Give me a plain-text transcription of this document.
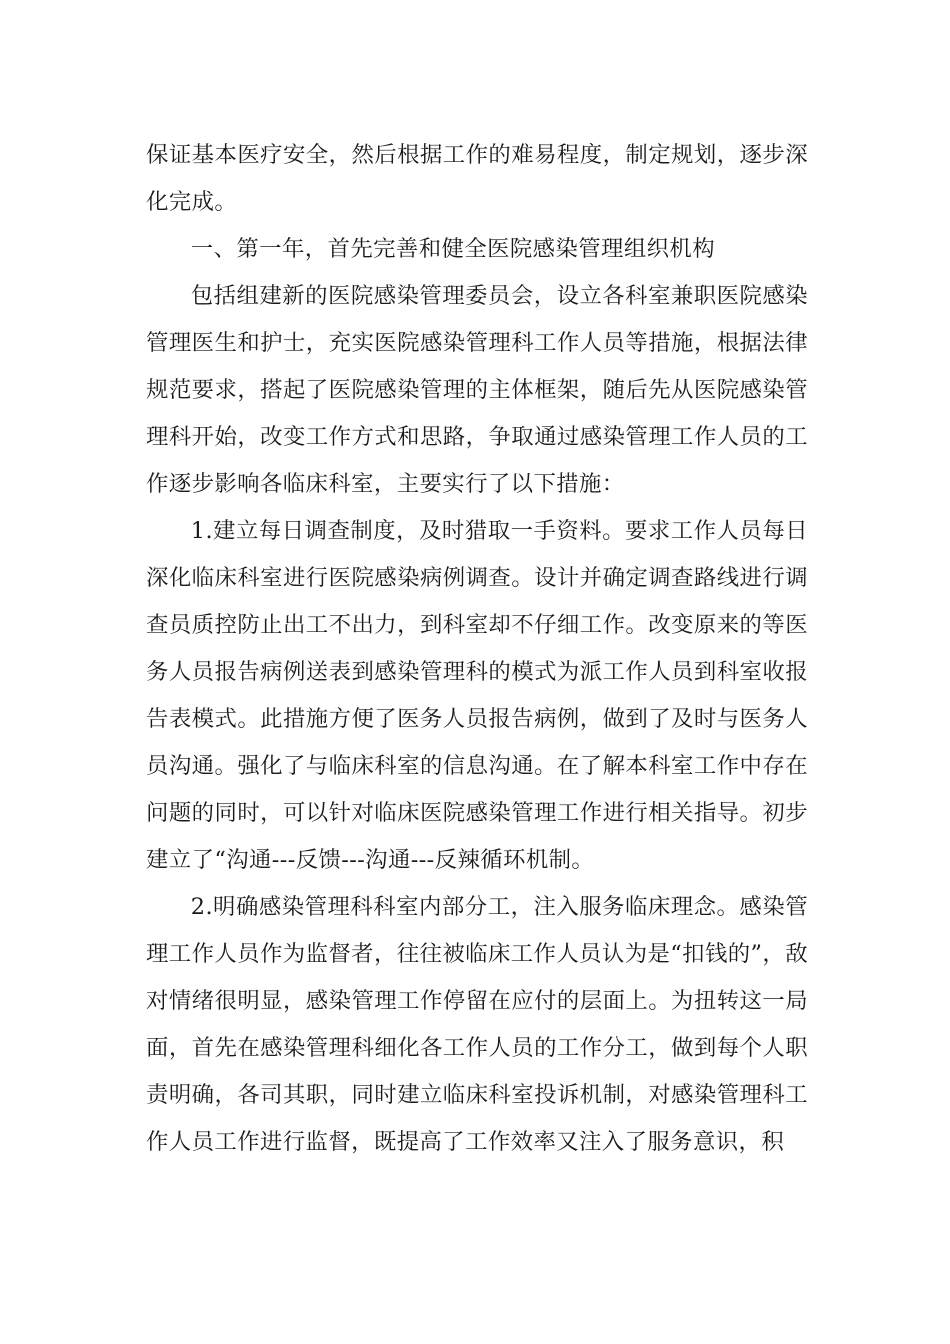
保证基本医疗安全，然后根据工作的难易程度，制定规划，逐步深化完成。

一、第一年，首先完善和健全医院感染管理组织机构

包括组建新的医院感染管理委员会，设立各科室兼职医院感染管理医生和护士，充实医院感染管理科工作人员等措施，根据法律规范要求，搭起了医院感染管理的主体框架，随后先从医院感染管理科开始，改变工作方式和思路，争取通过感染管理工作人员的工作逐步影响各临床科室，主要实行了以下措施：

1.建立每日调查制度，及时猎取一手资料。要求工作人员每日深化临床科室进行医院感染病例调查。设计并确定调查路线进行调查员质控防止出工不出力，到科室却不仔细工作。改变原来的等医务人员报告病例送表到感染管理科的模式为派工作人员到科室收报告表模式。此措施方便了医务人员报告病例，做到了及时与医务人员沟通。强化了与临床科室的信息沟通。在了解本科室工作中存在问题的同时，可以针对临床医院感染管理工作进行相关指导。初步建立了“沟通---反馈---沟通---反辣循环机制。

2.明确感染管理科科室内部分工，注入服务临床理念。感染管理工作人员作为监督者，往往被临床工作人员认为是“扣钱的”，敌对情绪很明显，感染管理工作停留在应付的层面上。为扭转这一局面，首先在感染管理科细化各工作人员的工作分工，做到每个人职责明确，各司其职，同时建立临床科室投诉机制，对感染管理科工作人员工作进行监督，既提高了工作效率又注入了服务意识，积
